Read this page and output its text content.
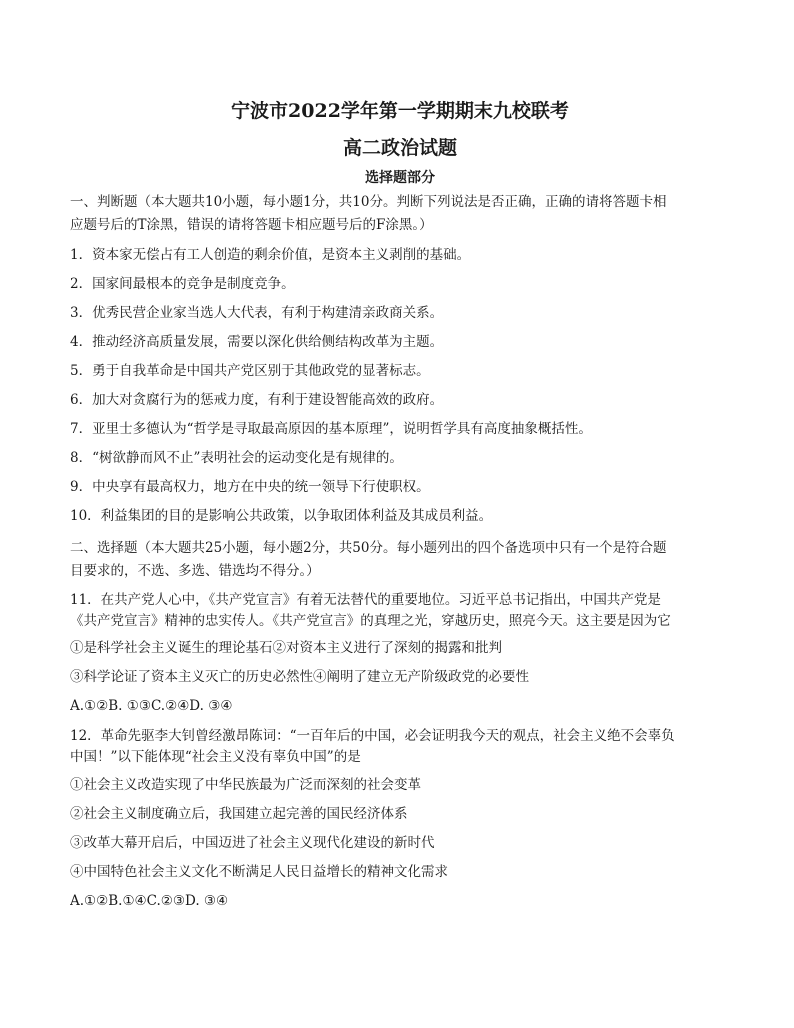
宁波市2022学年第一学期期末九校联考
高二政治试题
选择题部分
一、判断题（本大题共10小题，每小题1分，共10分。判断下列说法是否正确，正确的请将答题卡相
应题号后的T涂黑，错误的请将答题卡相应题号后的F涂黑。）
1．资本家无偿占有工人创造的剩余价值，是资本主义剥削的基础。
2．国家间最根本的竞争是制度竞争。
3．优秀民营企业家当选人大代表，有利于构建清亲政商关系。
4．推动经济高质量发展，需要以深化供给侧结构改革为主题。
5．勇于自我革命是中国共产党区别于其他政党的显著标志。
6．加大对贪腐行为的惩戒力度，有利于建设智能高效的政府。
7．亚里士多德认为“哲学是寻取最高原因的基本原理”，说明哲学具有高度抽象概括性。
8．“树欲静而风不止”表明社会的运动变化是有规律的。
9．中央享有最高权力，地方在中央的统一领导下行使职权。
10．利益集团的目的是影响公共政策，以争取团体利益及其成员利益。
二、选择题（本大题共25小题，每小题2分，共50分。每小题列出的四个备选项中只有一个是符合题
目要求的，不选、多选、错选均不得分。）
11．在共产党人心中，《共产党宣言》有着无法替代的重要地位。习近平总书记指出，中国共产党是
《共产党宣言》精神的忠实传人。《共产党宣言》的真理之光，穿越历史，照亮今天。这主要是因为它
①是科学社会主义诞生的理论基石②对资本主义进行了深刻的揭露和批判
③科学论证了资本主义灭亡的历史必然性④阐明了建立无产阶级政党的必要性
A.①②B. ①③C.②④D. ③④
12．革命先驱李大钊曾经激昂陈词：“一百年后的中国，必会证明我今天的观点，社会主义绝不会辜负
中国！”以下能体现“社会主义没有辜负中国”的是
①社会主义改造实现了中华民族最为广泛而深刻的社会变革
②社会主义制度确立后，我国建立起完善的国民经济体系
③改革大幕开启后，中国迈进了社会主义现代化建设的新时代
④中国特色社会主义文化不断满足人民日益增长的精神文化需求
A.①②B.①④C.②③D. ③④
